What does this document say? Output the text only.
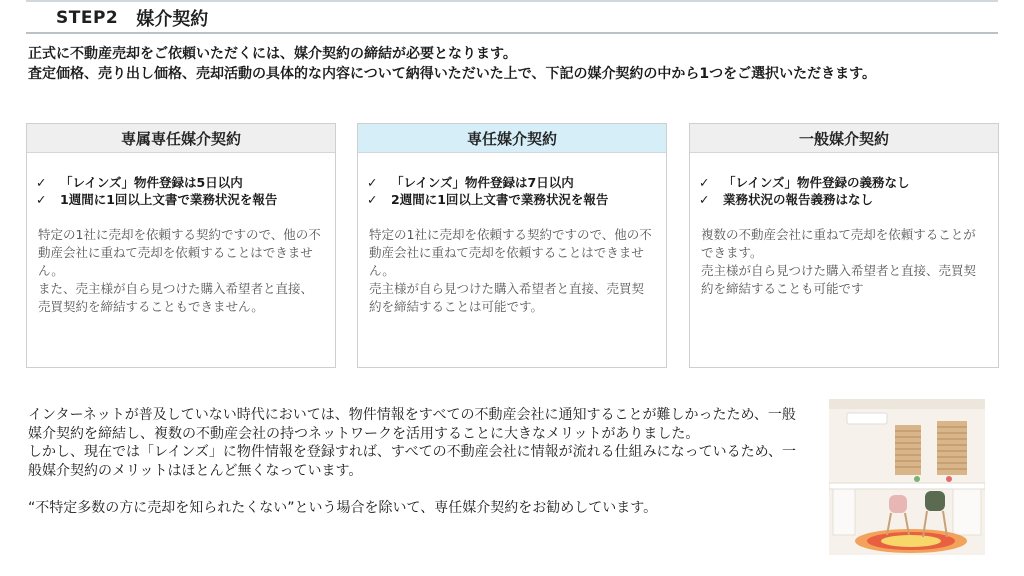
STEP2 媒介契約

正式に不動産売却をご依頼いただくには、媒介契約の締結が必要となります。

査定価格、売り出し価格、売却活動の具体的な内容について納得いただいた上で、下記の媒介契約の中から1つをご選択いただきます。

専属専任媒介契約
✓	「レインズ」物件登録は5日以内
✓	1週間に1回以上文書で業務状況を報告

特定の1社に売却を依頼する契約ですので、他の不動産会社に重ねて売却を依頼することはできません。

また、売主様が自ら見つけた購入希望者と直接、売買契約を締結することもできません。

専任媒介契約
✓	「レインズ」物件登録は7日以内
✓	2週間に1回以上文書で業務状況を報告

特定の1社に売却を依頼する契約ですので、他の不動産会社に重ねて売却を依頼することはできません。

売主様が自ら見つけた購入希望者と直接、売買契約を締結することは可能です。

一般媒介契約
✓	「レインズ」物件登録の義務なし
✓	業務状況の報告義務はなし

複数の不動産会社に重ねて売却を依頼することができます。

売主様が自ら見つけた購入希望者と直接、売買契約を締結することも可能です

インターネットが普及していない時代においては、物件情報をすべての不動産会社に通知することが難しかったため、一般媒介契約を締結し、複数の不動産会社の持つネットワークを活用することに大きなメリットがありました。

しかし、現在では「レインズ」に物件情報を登録すれば、すべての不動産会社に情報が流れる仕組みになっているため、一般媒介契約のメリットはほとんど無くなっています。

“不特定多数の方に売却を知られたくない”という場合を除いて、専任媒介契約をお勧めしています。
